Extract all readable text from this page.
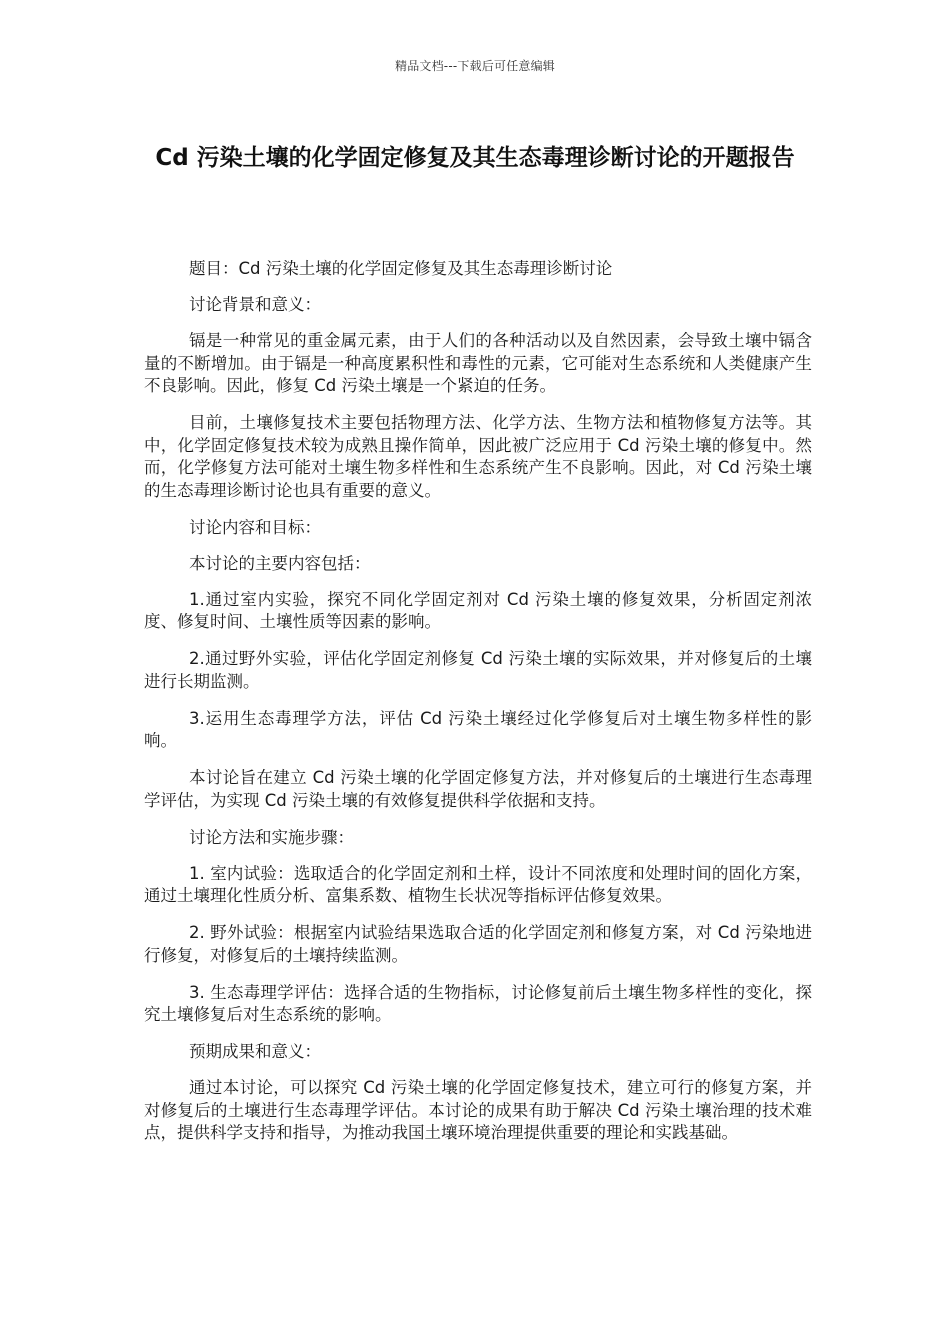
精品文档---下载后可任意编辑
Cd 污染土壤的化学固定修复及其生态毒理诊断讨论的开题报告

题目：Cd 污染土壤的化学固定修复及其生态毒理诊断讨论

讨论背景和意义：

镉是一种常见的重金属元素，由于人们的各种活动以及自然因素，会导致土壤中镉含量的不断增加。由于镉是一种高度累积性和毒性的元素，它可能对生态系统和人类健康产生不良影响。因此，修复 Cd 污染土壤是一个紧迫的任务。

目前，土壤修复技术主要包括物理方法、化学方法、生物方法和植物修复方法等。其中，化学固定修复技术较为成熟且操作简单，因此被广泛应用于 Cd 污染土壤的修复中。然而，化学修复方法可能对土壤生物多样性和生态系统产生不良影响。因此，对 Cd 污染土壤的生态毒理诊断讨论也具有重要的意义。

讨论内容和目标：

本讨论的主要内容包括：

1.通过室内实验，探究不同化学固定剂对 Cd 污染土壤的修复效果，分析固定剂浓度、修复时间、土壤性质等因素的影响。

2.通过野外实验，评估化学固定剂修复 Cd 污染土壤的实际效果，并对修复后的土壤进行长期监测。

3.运用生态毒理学方法，评估 Cd 污染土壤经过化学修复后对土壤生物多样性的影响。

本讨论旨在建立 Cd 污染土壤的化学固定修复方法，并对修复后的土壤进行生态毒理学评估，为实现 Cd 污染土壤的有效修复提供科学依据和支持。

讨论方法和实施步骤：

1. 室内试验：选取适合的化学固定剂和土样，设计不同浓度和处理时间的固化方案，通过土壤理化性质分析、富集系数、植物生长状况等指标评估修复效果。

2. 野外试验：根据室内试验结果选取合适的化学固定剂和修复方案，对 Cd 污染地进行修复，对修复后的土壤持续监测。

3. 生态毒理学评估：选择合适的生物指标，讨论修复前后土壤生物多样性的变化，探究土壤修复后对生态系统的影响。

预期成果和意义：

通过本讨论，可以探究 Cd 污染土壤的化学固定修复技术，建立可行的修复方案，并对修复后的土壤进行生态毒理学评估。本讨论的成果有助于解决 Cd 污染土壤治理的技术难点，提供科学支持和指导，为推动我国土壤环境治理提供重要的理论和实践基础。
